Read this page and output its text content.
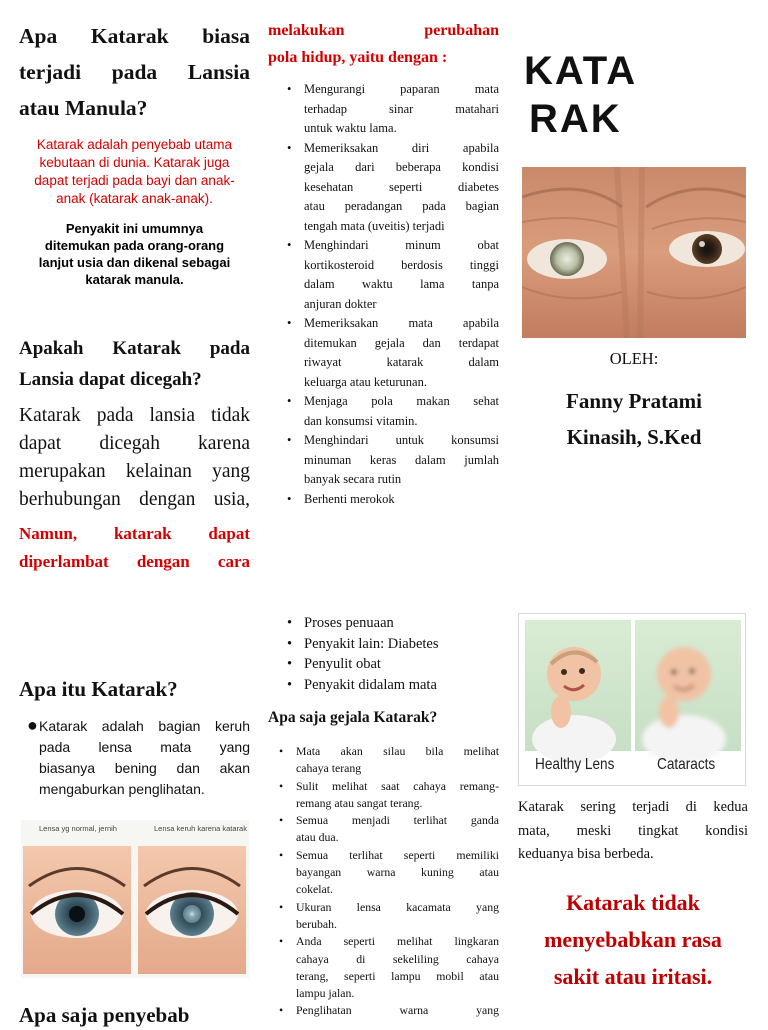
Apa Katarak biasa
terjadi pada Lansia
atau Manula?
Katarak adalah penyebab utama
kebutaan di dunia. Katarak juga
dapat terjadi pada bayi dan anak-
anak (katarak anak-anak).
Penyakit ini umumnya
ditemukan pada orang-orang
lanjut usia dan dikenal sebagai
katarak manula.
Apakah Katarak pada
Lansia dapat dicegah?
Katarak pada lansia tidak
dapat dicegah karena
merupakan kelainan yang
berhubungan dengan usia,
Namun, katarak dapat
diperlambat dengan cara
melakukan perubahan
pola hidup, yaitu dengan :
• Mengurangi paparan mata
terhadap sinar matahari
untuk waktu lama.
• Memeriksakan diri apabila
gejala dari beberapa kondisi
kesehatan seperti diabetes
atau peradangan pada bagian
tengah mata (uveitis) terjadi
• Menghindari minum obat
kortikosteroid berdosis tinggi
dalam waktu lama tanpa
anjuran dokter
• Memeriksakan mata apabila
ditemukan gejala dan terdapat
riwayat katarak dalam
keluarga atau keturunan.
• Menjaga pola makan sehat
dan konsumsi vitamin.
• Menghindari untuk konsumsi
minuman keras dalam jumlah
banyak secara rutin
• Berhenti merokok
KATA
RAK
OLEH:
Fanny Pratami
Kinasih, S.Ked
Apa itu Katarak?
● Katarak adalah bagian keruh
pada lensa mata yang
biasanya bening dan akan
mengaburkan penglihatan.
Lensa yg normal, jernih	Lensa keruh karena katarak
Apa saja penyebab
• Proses penuaan
• Penyakit lain: Diabetes
• Penyulit obat
• Penyakit didalam mata
Apa saja gejala Katarak?
• Mata akan silau bila melihat
cahaya terang
• Sulit melihat saat cahaya remang-
remang atau sangat terang.
• Semua menjadi terlihat ganda
atau dua.
• Semua terlihat seperti memiliki
bayangan warna kuning atau
cokelat.
• Ukuran lensa kacamata yang
berubah.
• Anda seperti melihat lingkaran
cahaya di sekeliling cahaya
terang, seperti lampu mobil atau
lampu jalan.
• Penglihatan warna yang
Healthy Lens	Cataracts
Katarak sering terjadi di kedua
mata, meski tingkat kondisi
keduanya bisa berbeda.
Katarak tidak
menyebabkan rasa
sakit atau iritasi.
